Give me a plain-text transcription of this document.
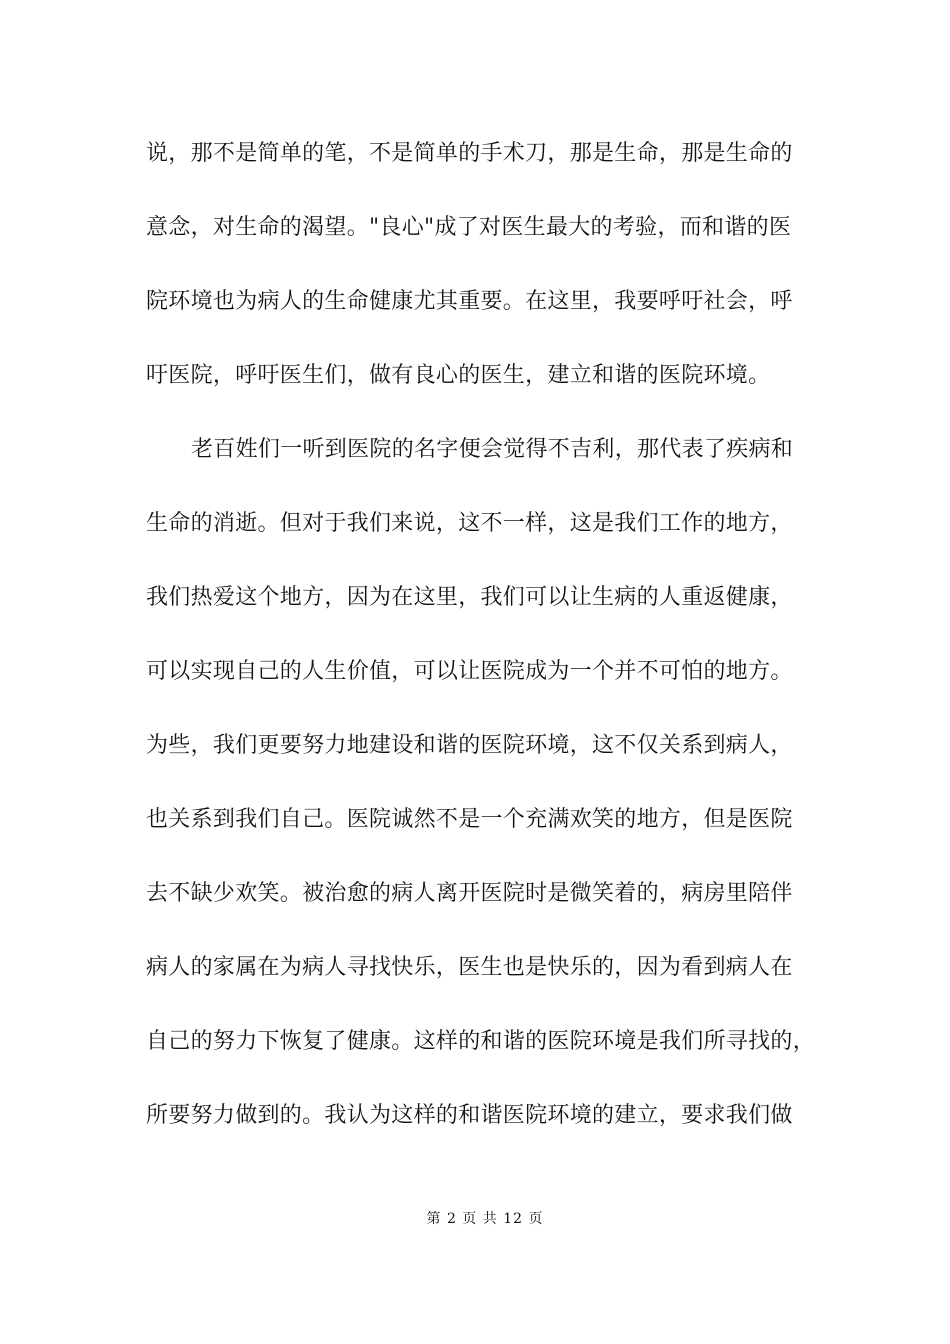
说，那不是简单的笔，不是简单的手术刀，那是生命，那是生命的
意念，对生命的渴望。"良心"成了对医生最大的考验，而和谐的医
院环境也为病人的生命健康尤其重要。在这里，我要呼吁社会，呼
吁医院，呼吁医生们，做有良心的医生，建立和谐的医院环境。
老百姓们一听到医院的名字便会觉得不吉利，那代表了疾病和
生命的消逝。但对于我们来说，这不一样，这是我们工作的地方，
我们热爱这个地方，因为在这里，我们可以让生病的人重返健康，
可以实现自己的人生价值，可以让医院成为一个并不可怕的地方。
为些，我们更要努力地建设和谐的医院环境，这不仅关系到病人，
也关系到我们自己。医院诚然不是一个充满欢笑的地方，但是医院
去不缺少欢笑。被治愈的病人离开医院时是微笑着的，病房里陪伴
病人的家属在为病人寻找快乐，医生也是快乐的，因为看到病人在
自己的努力下恢复了健康。这样的和谐的医院环境是我们所寻找的，
所要努力做到的。我认为这样的和谐医院环境的建立，要求我们做
第 2 页 共 12 页
